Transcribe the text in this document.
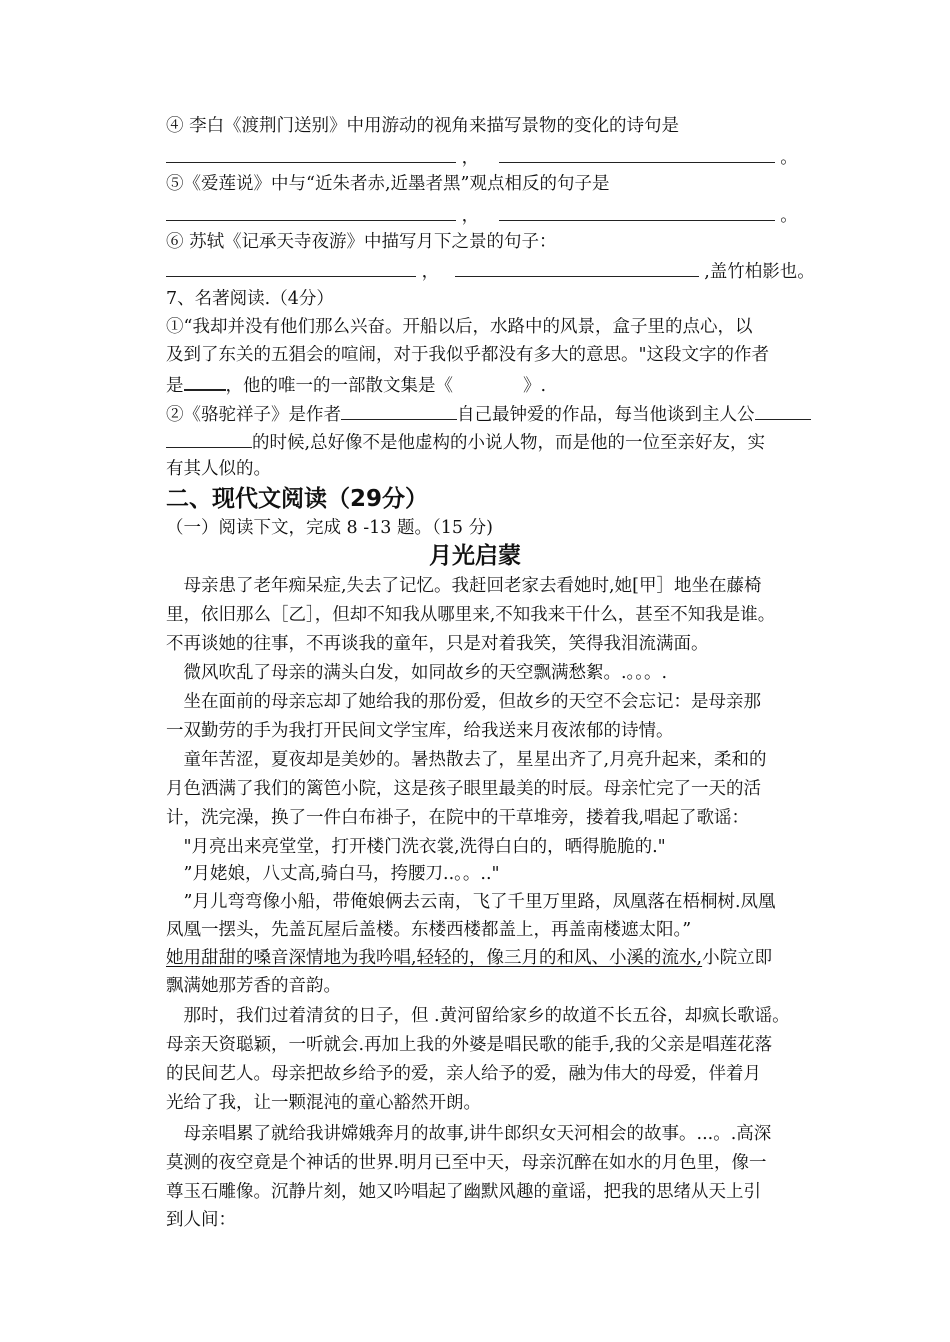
④ 李白《渡荆门送别》中用游动的视角来描写景物的变化的诗句是
，	。
⑤《爱莲说》中与“近朱者赤,近墨者黑”观点相反的句子是
，	。
⑥ 苏轼《记承天寺夜游》中描写月下之景的句子：
，	,盖竹柏影也。
7、名著阅读.（4分）
①“我却并没有他们那么兴奋。开船以后，水路中的风景，盒子里的点心，以
及到了东关的五猖会的喧闹，对于我似乎都没有多大的意思。"这段文字的作者
是 ，他的唯一的一部散文集是《	》.
②《骆驼祥子》是作者	自己最钟爱的作品，每当他谈到主人公
的时候,总好像不是他虚构的小说人物，而是他的一位至亲好友，实
有其人似的。
二、现代文阅读（29分）
（一）阅读下文，完成 8 -13 题。（15 分)
月光启蒙
　母亲患了老年痴呆症,失去了记忆。我赶回老家去看她时,她[甲］地坐在藤椅
里，依旧那么［乙］，但却不知我从哪里来,不知我来干什么，甚至不知我是谁。
不再谈她的往事，不再谈我的童年，只是对着我笑，笑得我泪流满面。
　微风吹乱了母亲的满头白发，如同故乡的天空飘满愁絮。.。。。.
　坐在面前的母亲忘却了她给我的那份爱，但故乡的天空不会忘记：是母亲那
一双勤劳的手为我打开民间文学宝库，给我送来月夜浓郁的诗情。
　童年苦涩，夏夜却是美妙的。暑热散去了，星星出齐了,月亮升起来，柔和的
月色洒满了我们的篱笆小院，这是孩子眼里最美的时辰。母亲忙完了一天的活
计，洗完澡，换了一件白布褂子，在院中的干草堆旁，搂着我,唱起了歌谣：
　"月亮出来亮堂堂，打开楼门洗衣裳,洗得白白的，晒得脆脆的."
　”月姥娘，八丈高,骑白马，挎腰刀..。。.."
　”月儿弯弯像小船，带俺娘俩去云南，飞了千里万里路，凤凰落在梧桐树.凤凰
凤凰一摆头，先盖瓦屋后盖楼。东楼西楼都盖上，再盖南楼遮太阳。”
她用甜甜的嗓音深情地为我吟唱,轻轻的，像三月的和风、小溪的流水,小院立即
飘满她那芳香的音韵。
　那时，我们过着清贫的日子，但 .黄河留给家乡的故道不长五谷，却疯长歌谣。
母亲天资聪颖，一听就会.再加上我的外婆是唱民歌的能手,我的父亲是唱莲花落
的民间艺人。母亲把故乡给予的爱，亲人给予的爱，融为伟大的母爱，伴着月
光给了我，让一颗混沌的童心豁然开朗。
　母亲唱累了就给我讲嫦娥奔月的故事,讲牛郎织女天河相会的故事。...。.高深
莫测的夜空竟是个神话的世界.明月已至中天，母亲沉醉在如水的月色里，像一
尊玉石雕像。沉静片刻，她又吟唱起了幽默风趣的童谣，把我的思绪从天上引
到人间：
